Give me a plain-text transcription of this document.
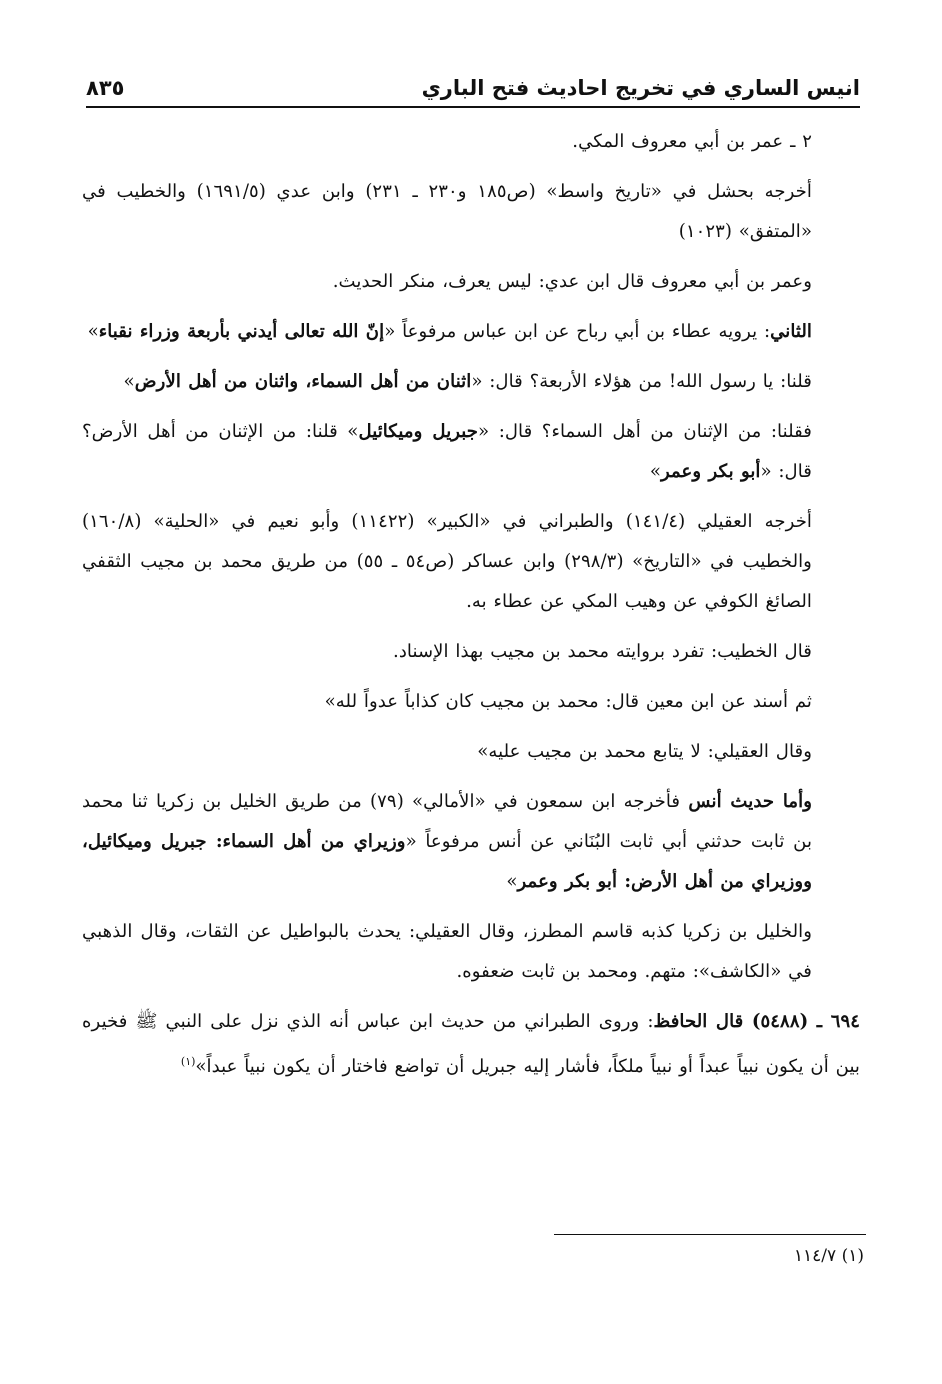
انيس الساري في تخريج احاديث فتح الباري
٨٣٥

٢ ـ عمر بن أبي معروف المكي.

أخرجه بحشل في «تاريخ واسط» (ص١٨٥ و٢٣٠ ـ ٢٣١) وابن عدي (١٦٩١/٥) والخطيب في «المتفق» (١٠٢٣)

وعمر بن أبي معروف قال ابن عدي: ليس يعرف، منكر الحديث.

الثاني: يرويه عطاء بن أبي رباح عن ابن عباس مرفوعاً «إنّ الله تعالى أيدني بأربعة وزراء نقباء»

قلنا: يا رسول الله! من هؤلاء الأربعة؟ قال: «اثنان من أهل السماء، واثنان من أهل الأرض»

فقلنا: من الإثنان من أهل السماء؟ قال: «جبريل وميكائيل» قلنا: من الإثنان من أهل الأرض؟ قال: «أبو بكر وعمر»

أخرجه العقيلي (١٤١/٤) والطبراني في «الكبير» (١١٤٢٢) وأبو نعيم في «الحلية» (١٦٠/٨) والخطيب في «التاريخ» (٢٩٨/٣) وابن عساكر (ص٥٤ ـ ٥٥) من طريق محمد بن مجيب الثقفي الصائغ الكوفي عن وهيب المكي عن عطاء به.

قال الخطيب: تفرد بروايته محمد بن مجيب بهذا الإسناد.

ثم أسند عن ابن معين قال: محمد بن مجيب كان كذاباً عدواً لله»

وقال العقيلي: لا يتابع محمد بن مجيب عليه»

وأما حديث أنس فأخرجه ابن سمعون في «الأمالي» (٧٩) من طريق الخليل بن زكريا ثنا محمد بن ثابت حدثني أبي ثابت البُنَاني عن أنس مرفوعاً «وزيراي من أهل السماء: جبريل وميكائيل، ووزيراي من أهل الأرض: أبو بكر وعمر»

والخليل بن زكريا كذبه قاسم المطرز، وقال العقيلي: يحدث بالبواطيل عن الثقات، وقال الذهبي في «الكاشف»: متهم. ومحمد بن ثابت ضعفوه.

٦٩٤ ـ (٥٤٨٨) قال الحافظ: وروى الطبراني من حديث ابن عباس أنه الذي نزل على النبي ﷺ فخيره بين أن يكون نبياً عبداً أو نبياً ملكاً، فأشار إليه جبريل أن تواضع فاختار أن يكون نبياً عبداً»$^{(١)}$

(١) ١١٤/٧
